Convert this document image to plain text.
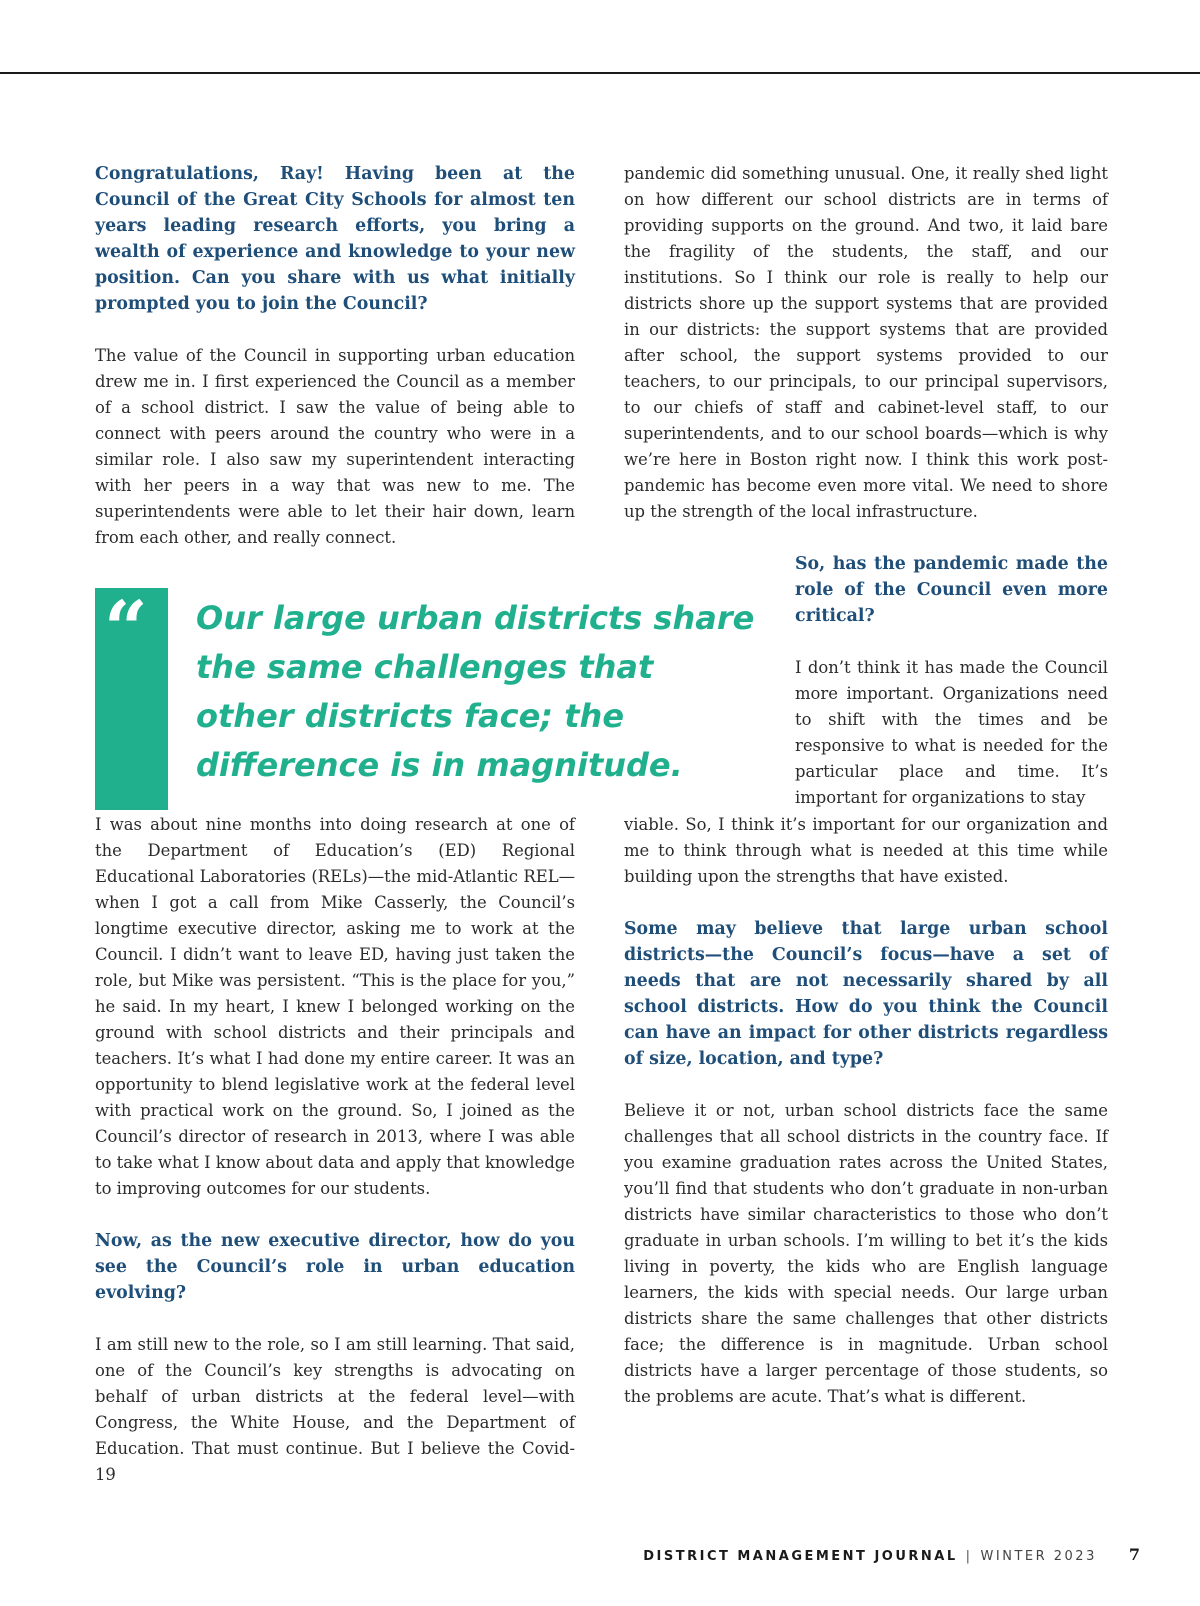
Congratulations, Ray! Having been at the Council of the Great City Schools for almost ten years leading research efforts, you bring a wealth of experience and knowledge to your new position. Can you share with us what initially prompted you to join the Council?

The value of the Council in supporting urban education drew me in. I first experienced the Council as a member of a school district. I saw the value of being able to connect with peers around the country who were in a similar role. I also saw my superintendent interacting with her peers in a way that was new to me. The superintendents were able to let their hair down, learn from each other, and really connect.

“	Our large urban districts share the same challenges that other districts face; the difference is in magnitude.

I was about nine months into doing research at one of the Department of Education’s (ED) Regional Educational Laboratories (RELs)—the mid-Atlantic REL—when I got a call from Mike Casserly, the Council’s longtime executive director, asking me to work at the Council. I didn’t want to leave ED, having just taken the role, but Mike was persistent. “This is the place for you,” he said. In my heart, I knew I belonged working on the ground with school districts and their principals and teachers. It’s what I had done my entire career. It was an opportunity to blend legislative work at the federal level with practical work on the ground. So, I joined as the Council’s director of research in 2013, where I was able to take what I know about data and apply that knowledge to improving outcomes for our students.

Now, as the new executive director, how do you see the Council’s role in urban education evolving?

I am still new to the role, so I am still learning. That said, one of the Council’s key strengths is advocating on behalf of urban districts at the federal level—with Congress, the White House, and the Department of Education. That must continue. But I believe the Covid-19

pandemic did something unusual. One, it really shed light on how different our school districts are in terms of providing supports on the ground. And two, it laid bare the fragility of the students, the staff, and our institutions. So I think our role is really to help our districts shore up the support systems that are provided in our districts: the support systems that are provided after school, the support systems provided to our teachers, to our principals, to our principal supervisors, to our chiefs of staff and cabinet-level staff, to our superintendents, and to our school boards—which is why we’re here in Boston right now. I think this work post-pandemic has become even more vital. We need to shore up the strength of the local infrastructure.

So, has the pandemic made the role of the Council even more critical?

I don’t think it has made the Council more important. Organizations need to shift with the times and be responsive to what is needed for the particular place and time. It’s important for organizations to stay

viable. So, I think it’s important for our organization and me to think through what is needed at this time while building upon the strengths that have existed.

Some may believe that large urban school districts—the Council’s focus—have a set of needs that are not necessarily shared by all school districts. How do you think the Council can have an impact for other districts regardless of size, location, and type?

Believe it or not, urban school districts face the same challenges that all school districts in the country face. If you examine graduation rates across the United States, you’ll find that students who don’t graduate in non-urban districts have similar characteristics to those who don’t graduate in urban schools. I’m willing to bet it’s the kids living in poverty, the kids who are English language learners, the kids with special needs. Our large urban districts share the same challenges that other districts face; the difference is in magnitude. Urban school districts have a larger percentage of those students, so the problems are acute. That’s what is different.

DISTRICT MANAGEMENT JOURNAL | WINTER 2023 7
